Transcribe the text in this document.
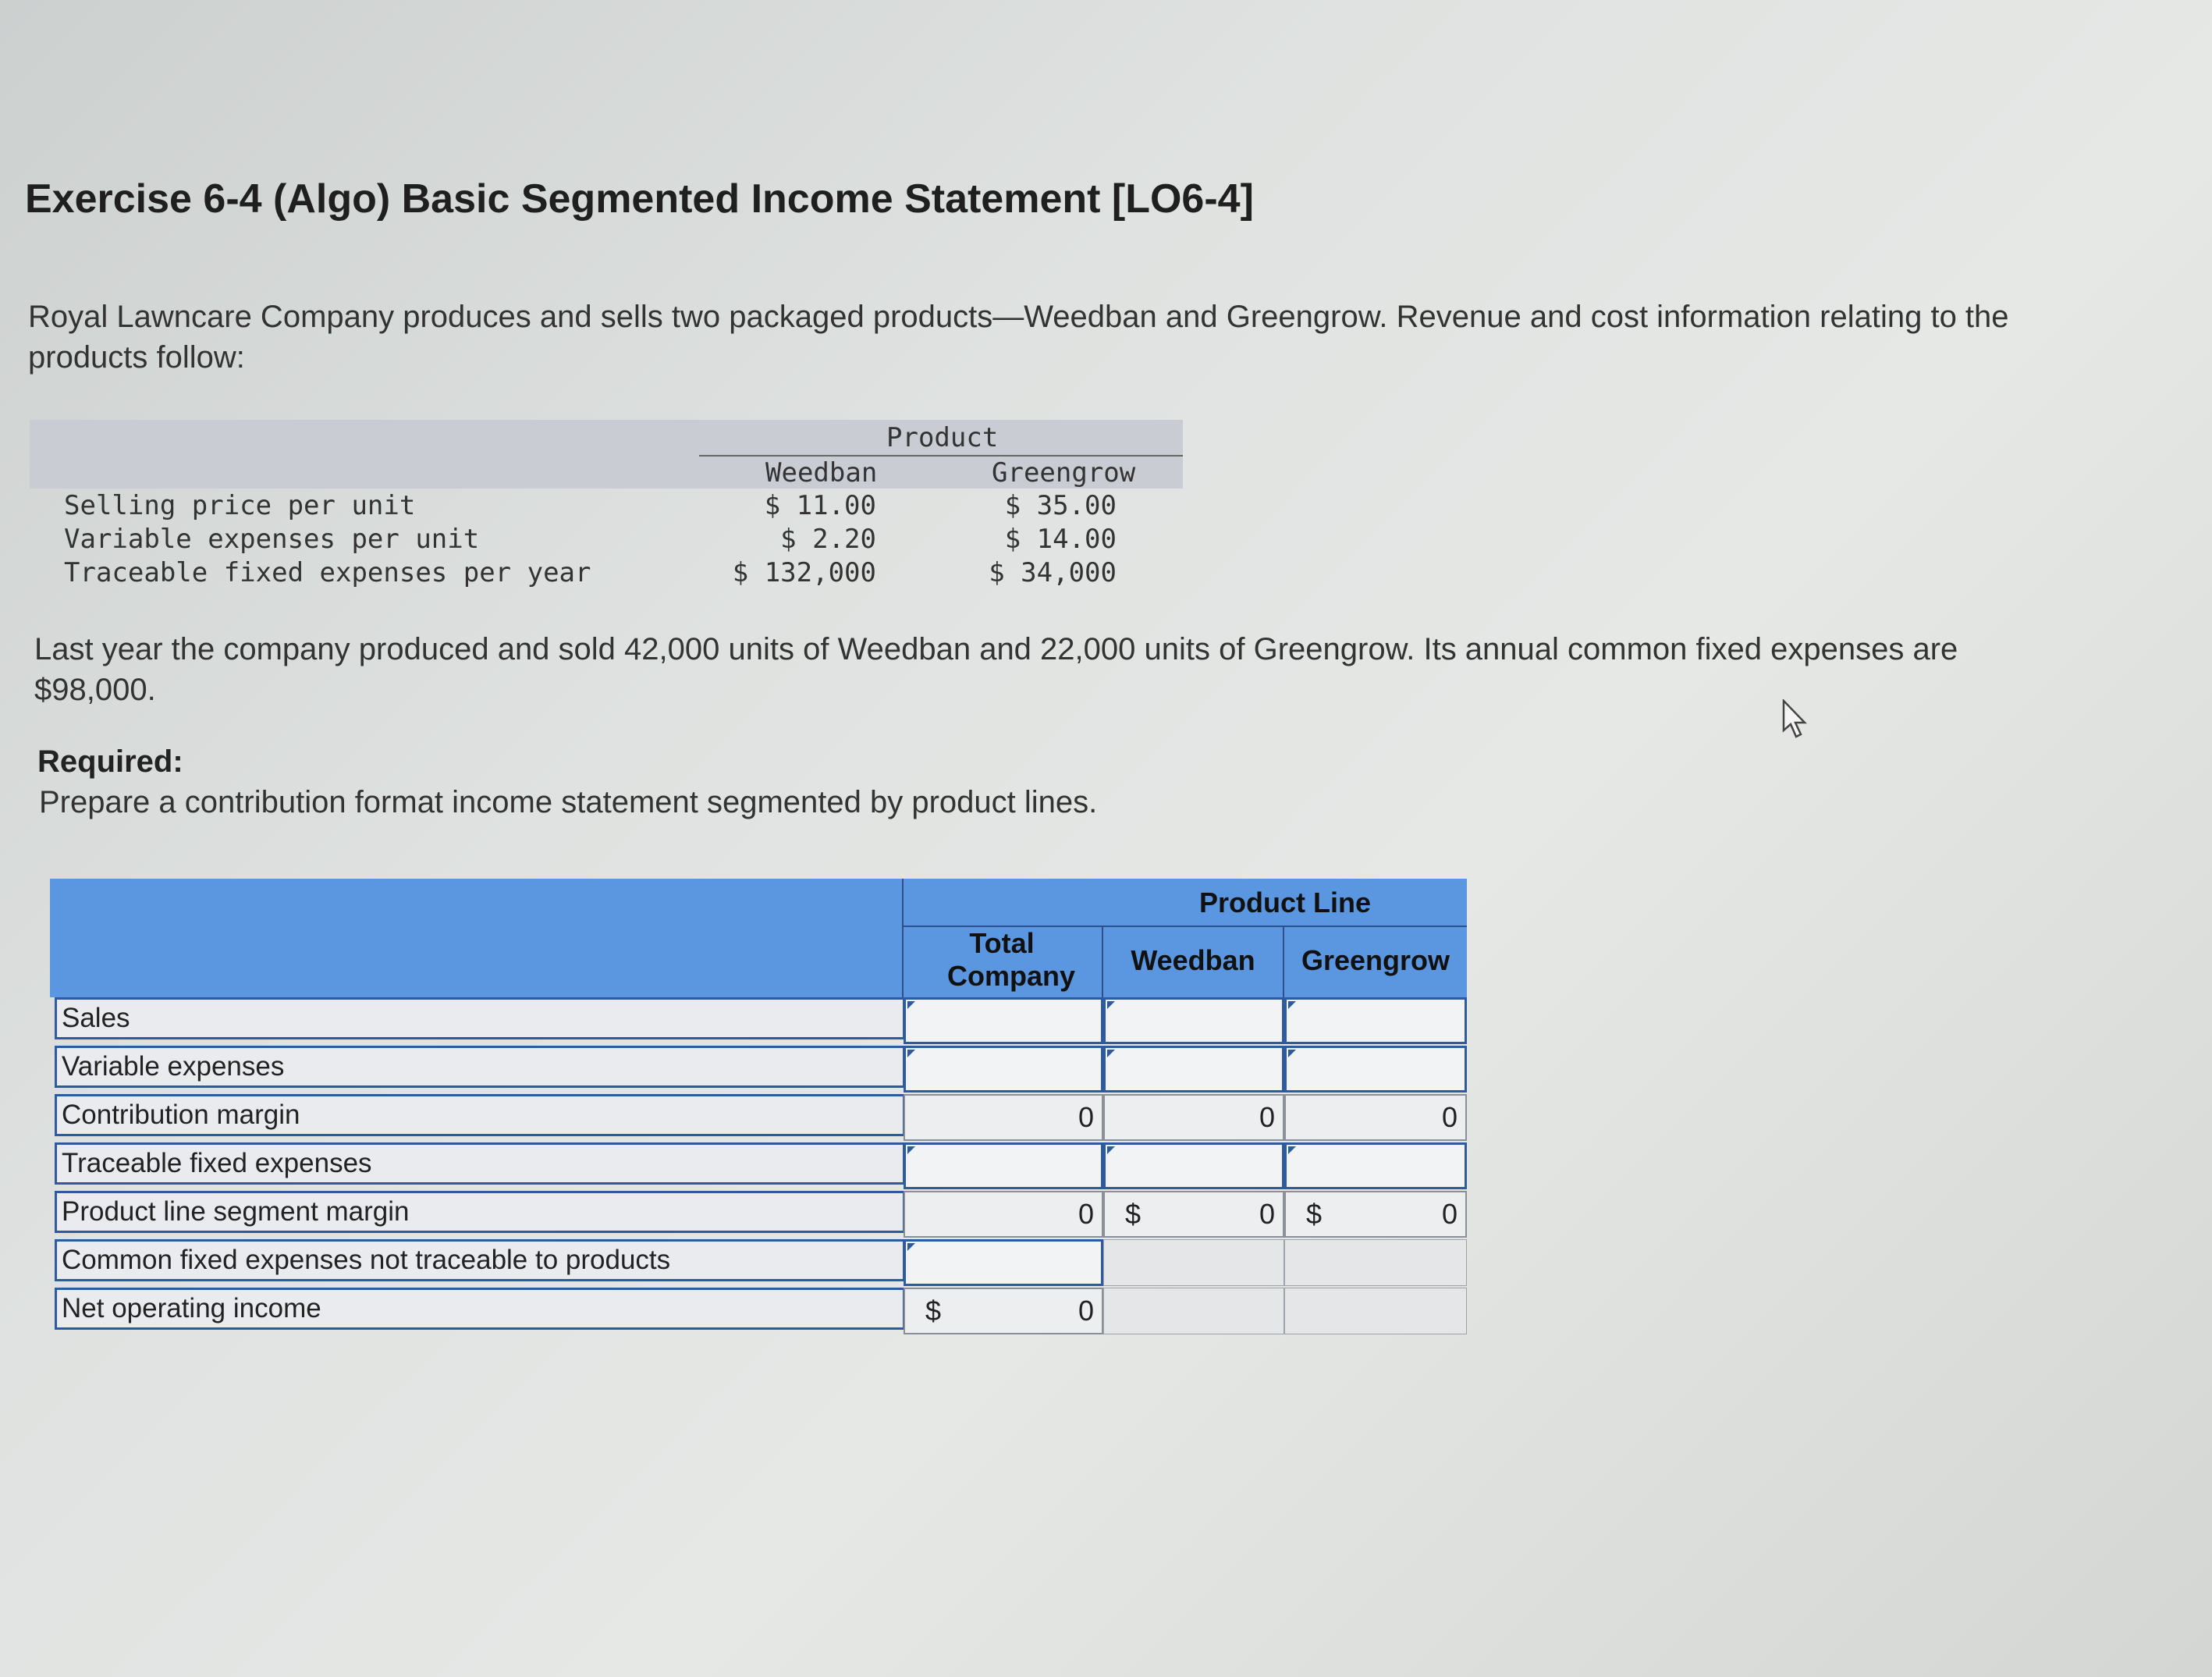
Exercise 6-4 (Algo) Basic Segmented Income Statement [LO6-4]
Royal Lawncare Company produces and sells two packaged products—Weedban and Greengrow. Revenue and cost information relating to the products follow:
Product
Weedban	Greengrow
Selling price per unit	$ 11.00	$ 35.00
Variable expenses per unit	$ 2.20	$ 14.00
Traceable fixed expenses per year	$ 132,000	$ 34,000
Last year the company produced and sold 42,000 units of Weedban and 22,000 units of Greengrow. Its annual common fixed expenses are $98,000.
Required:
Prepare a contribution format income statement segmented by product lines.
Product Line
Total Company	Weedban	Greengrow
Sales
Variable expenses
Contribution margin	0	0	0
Traceable fixed expenses
Product line segment margin	0 $	0 $	0
Common fixed expenses not traceable to products
Net operating income	$	0
